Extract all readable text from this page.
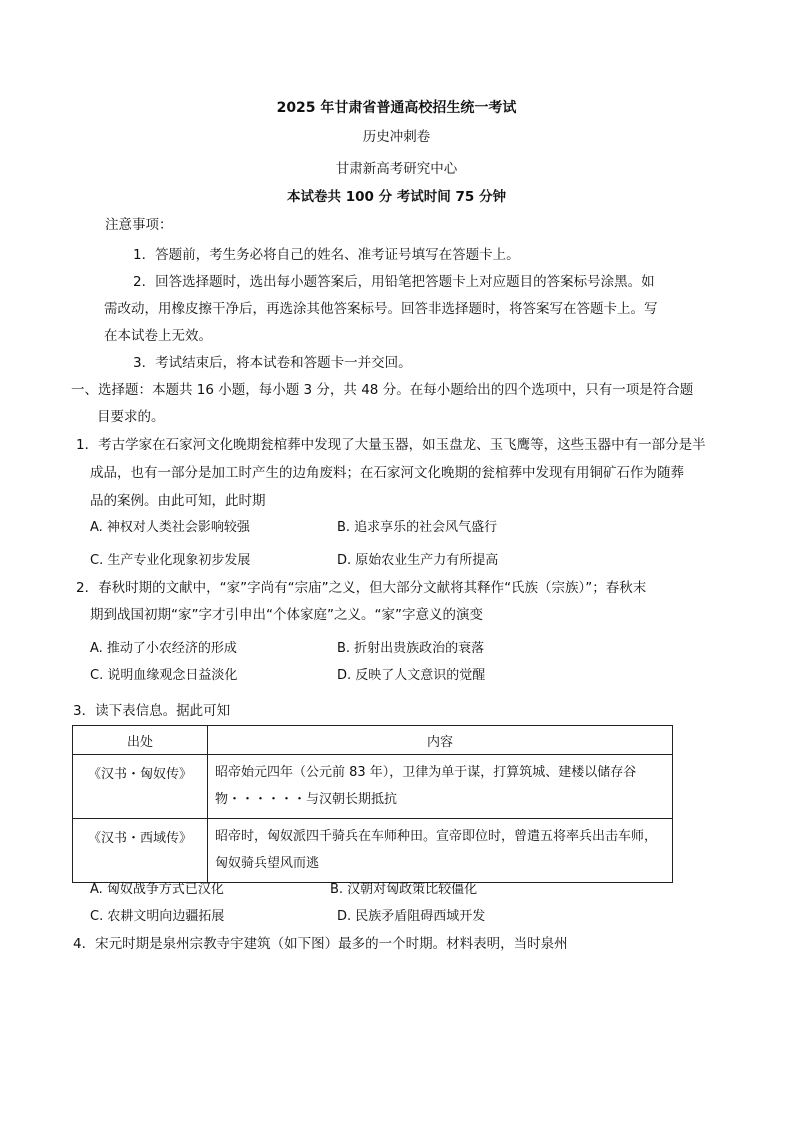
2025 年甘肃省普通高校招生统一考试
历史冲刺卷
甘肃新高考研究中心
本试卷共 100 分 考试时间 75 分钟
注意事项：
1．答题前，考生务必将自己的姓名、准考证号填写在答题卡上。
2．回答选择题时，选出每小题答案后，用铅笔把答题卡上对应题目的答案标号涂黑。如
需改动，用橡皮擦干净后，再选涂其他答案标号。回答非选择题时，将答案写在答题卡上。写
在本试卷上无效。
3．考试结束后，将本试卷和答题卡一并交回。
一、选择题：本题共 16 小题，每小题 3 分，共 48 分。在每小题给出的四个选项中，只有一项是符合题
目要求的。
1．考古学家在石家河文化晚期瓮棺葬中发现了大量玉器，如玉盘龙、玉飞鹰等，这些玉器中有一部分是半
成品，也有一部分是加工时产生的边角废料；在石家河文化晚期的瓮棺葬中发现有用铜矿石作为随葬
品的案例。由此可知，此时期
A. 神权对人类社会影响较强	B. 追求享乐的社会风气盛行
C. 生产专业化现象初步发展	D. 原始农业生产力有所提高
2．春秋时期的文献中，“家”字尚有“宗庙”之义，但大部分文献将其释作“氏族（宗族）”；春秋末
期到战国初期“家”字才引申出“个体家庭”之义。“家”字意义的演变
A. 推动了小农经济的形成	B. 折射出贵族政治的衰落
C. 说明血缘观念日益淡化	D. 反映了人文意识的觉醒
3．读下表信息。据此可知
出处	内容
《汉书・匈奴传》	昭帝始元四年（公元前 83 年），卫律为单于谋，打算筑城、建楼以储存谷物・・・・・・与汉朝长期抵抗
《汉书・西域传》	昭帝时，匈奴派四千骑兵在车师种田。宣帝即位时，曾遣五将率兵出击车师，匈奴骑兵望风而逃
A. 匈奴战争方式已汉化	B. 汉朝对匈政策比较僵化
C. 农耕文明向边疆拓展	D. 民族矛盾阻碍西域开发
4．宋元时期是泉州宗教寺宇建筑（如下图）最多的一个时期。材料表明，当时泉州
